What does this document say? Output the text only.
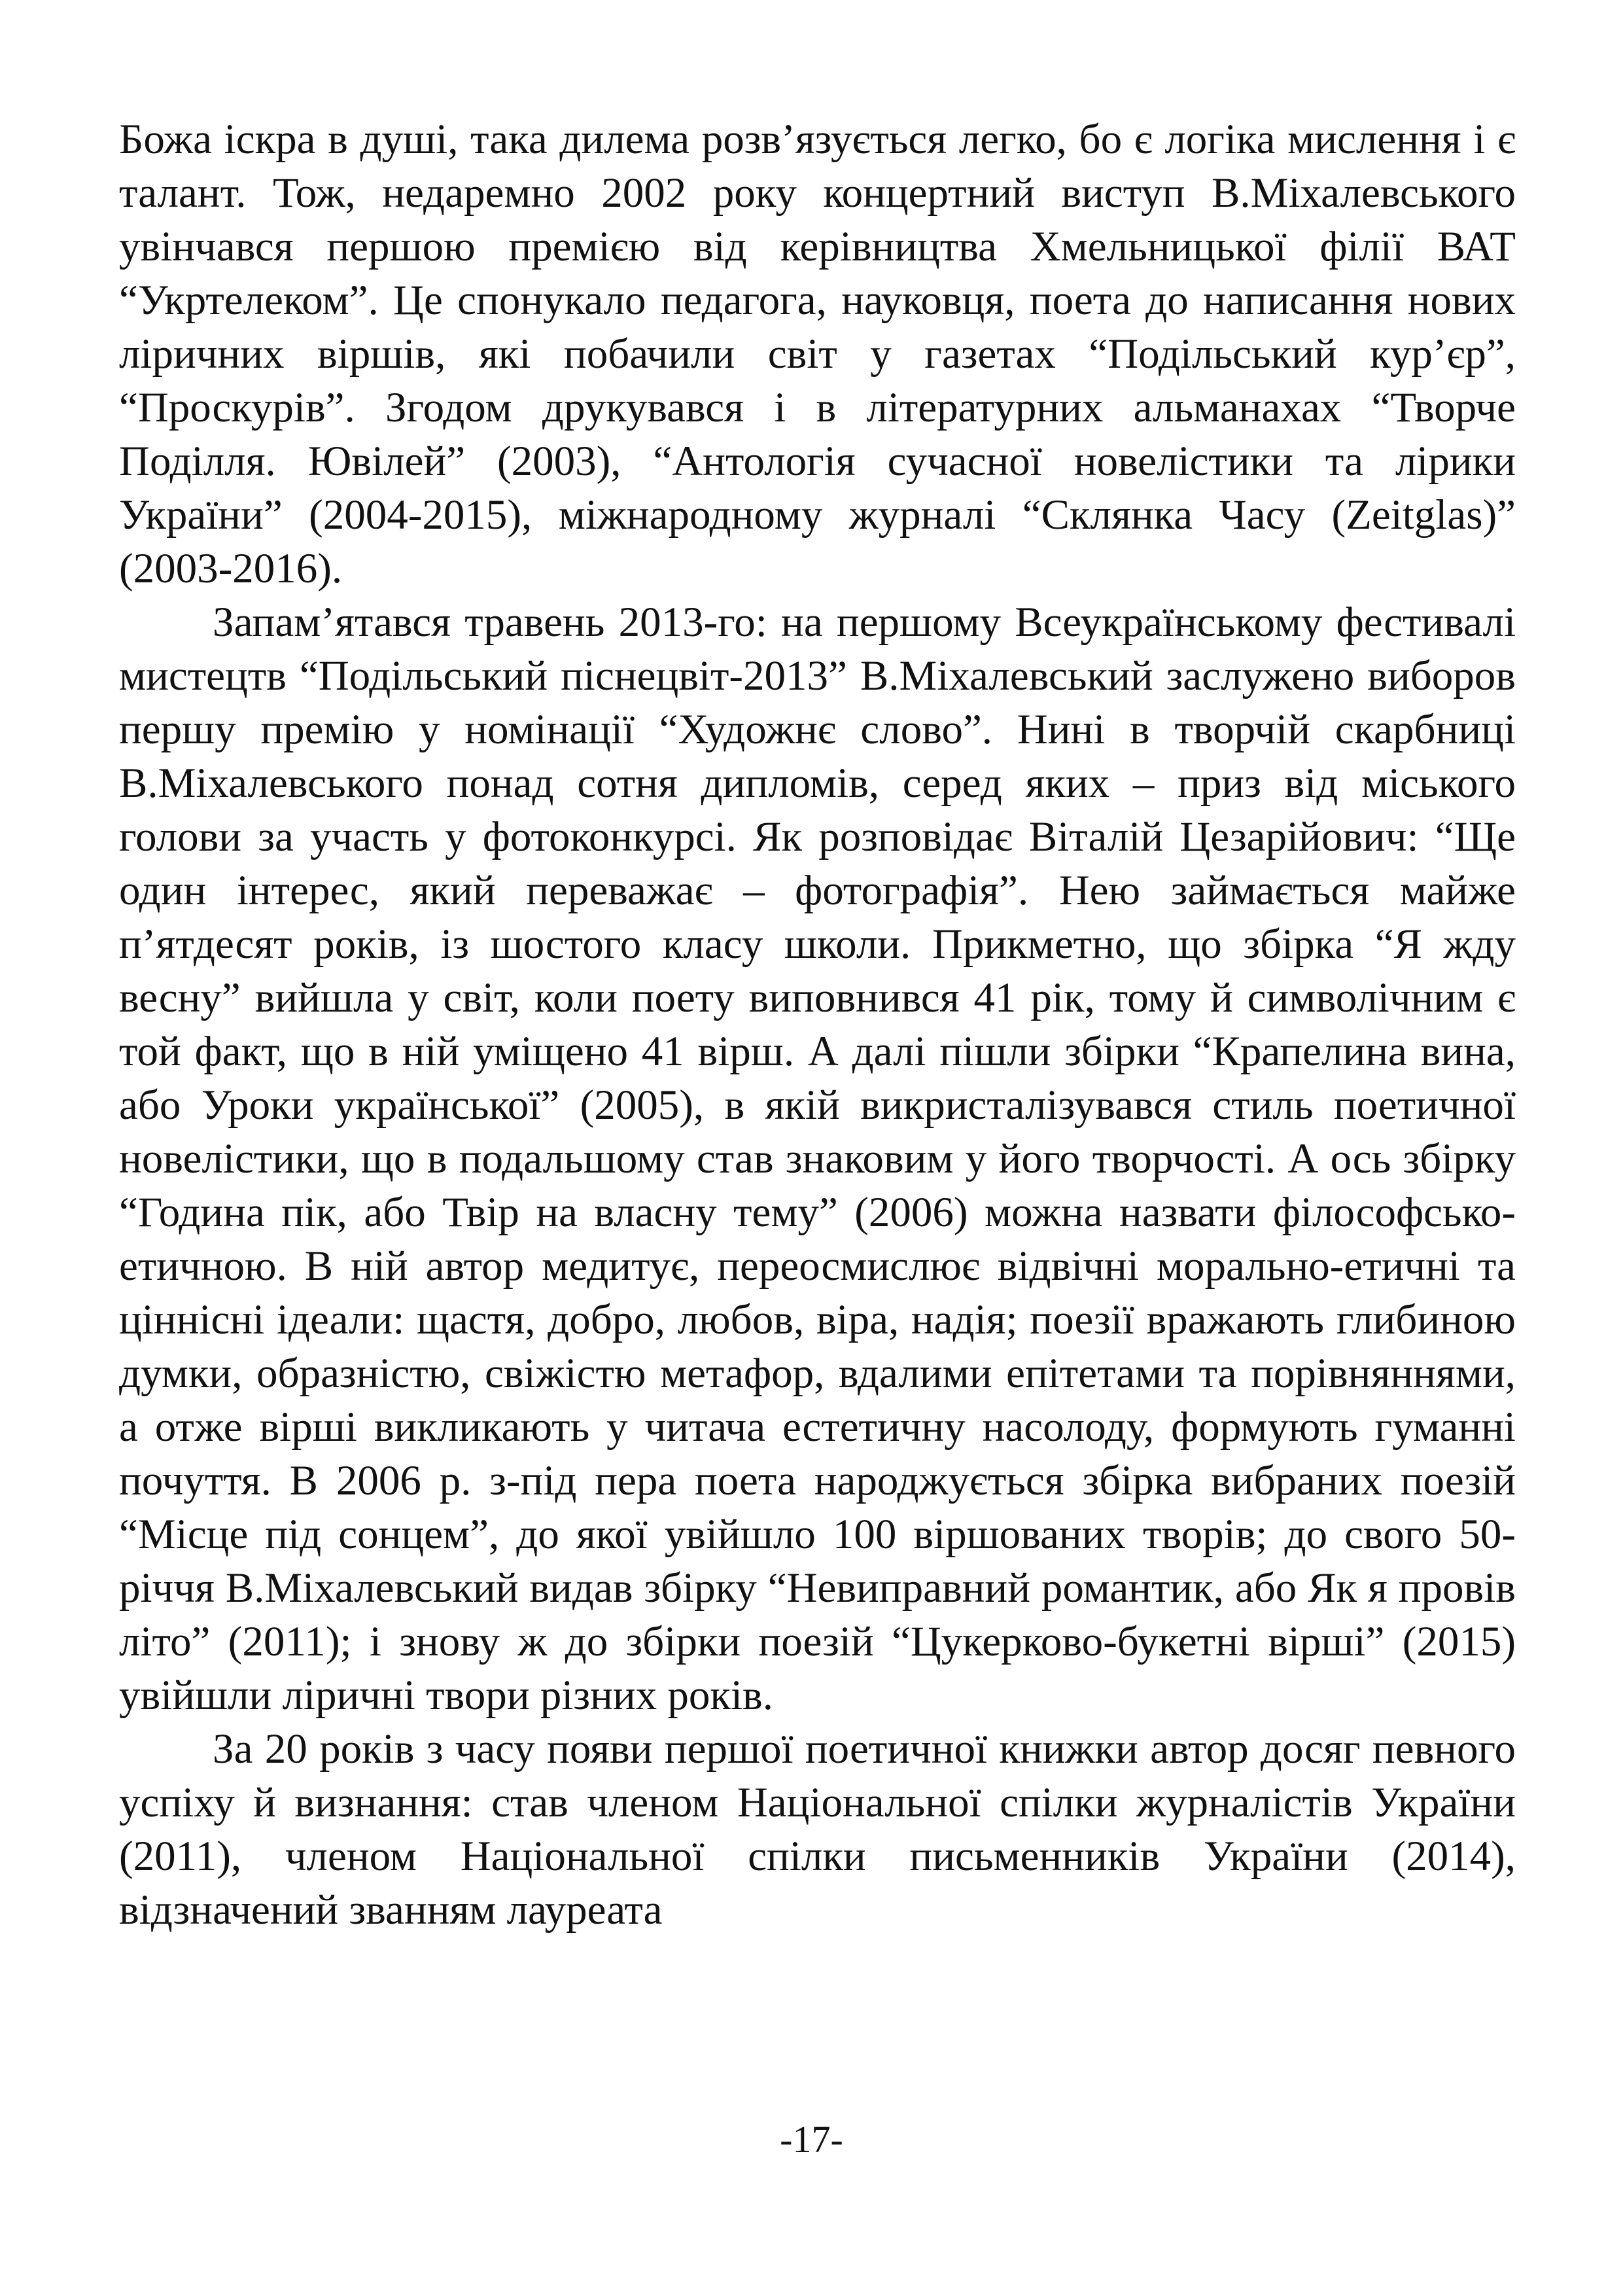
Божа іскра в душі, така дилема розв’язується легко, бо є логіка мислення і є талант. Тож, недаремно 2002 року концертний виступ В.Міхалевського увінчався першою премією від керівництва Хмельницької філії ВАТ “Укртелеком”. Це спонукало педагога, науковця, поета до написання нових ліричних віршів, які побачили світ у газетах “Подільський кур’єр”, “Проскурів”. Згодом друкувався і в літературних альманахах “Творче Поділля. Ювілей” (2003), “Антологія сучасної новелістики та лірики України” (2004-2015), міжнародному журналі “Склянка Часу (Zeitglas)” (2003-2016).

Запам’ятався травень 2013-го: на першому Всеукраїнському фестивалі мистецтв “Подільський піснецвіт-2013” В.Міхалевський заслужено виборов першу премію у номінації “Художнє слово”. Нині в творчій скарбниці В.Міхалевського понад сотня дипломів, серед яких – приз від міського голови за участь у фотоконкурсі. Як розповідає Віталій Цезарійович: “Ще один інтерес, який переважає – фотографія”. Нею займається майже п’ятдесят років, із шостого класу школи. Прикметно, що збірка “Я жду весну” вийшла у світ, коли поету виповнився 41 рік, тому й символічним є той факт, що в ній уміщено 41 вірш. А далі пішли збірки “Крапелина вина, або Уроки української” (2005), в якій викристалізувався стиль поетичної новелістики, що в подальшому став знаковим у його творчості. А ось збірку “Година пік, або Твір на власну тему” (2006) можна назвати філософсько-етичною. В ній автор медитує, переосмислює відвічні морально-етичні та ціннісні ідеали: щастя, добро, любов, віра, надія; поезії вражають глибиною думки, образністю, свіжістю метафор, вдалими епітетами та порівняннями, а отже вірші викликають у читача естетичну насолоду, формують гуманні почуття. В 2006 р. з-під пера поета народжується збірка вибраних поезій “Місце під сонцем”, до якої увійшло 100 віршованих творів; до свого 50-річчя В.Міхалевський видав збірку “Невиправний романтик, або Як я провів літо” (2011); і знову ж до збірки поезій “Цукерково-букетні вірші” (2015) увійшли ліричні твори різних років.

За 20 років з часу появи першої поетичної книжки автор досяг певного успіху й визнання: став членом Національної спілки журналістів України (2011), членом Національної спілки письменників України (2014), відзначений званням лауреата

-17-
